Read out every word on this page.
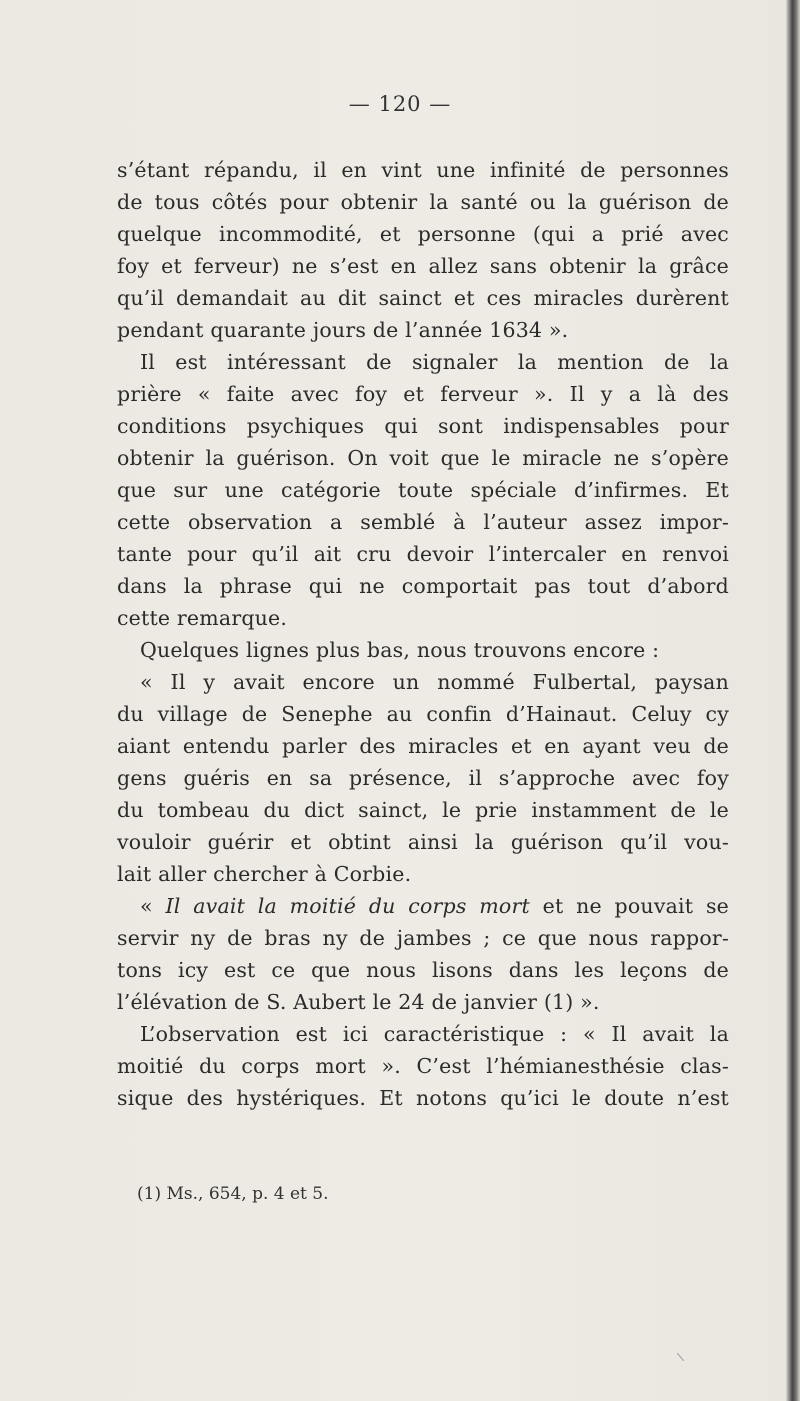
— 120 —
s’étant répandu, il en vint une infinité de personnes
de tous côtés pour obtenir la santé ou la guérison de
quelque incommodité, et personne (qui a prié avec
foy et ferveur) ne s’est en allez sans obtenir la grâce
qu’il demandait au dit sainct et ces miracles durèrent
pendant quarante jours de l’année 1634 ».
Il est intéressant de signaler la mention de la
prière « faite avec foy et ferveur ». Il y a là des
conditions psychiques qui sont indispensables pour
obtenir la guérison. On voit que le miracle ne s’opère
que sur une catégorie toute spéciale d’infirmes. Et
cette observation a semblé à l’auteur assez impor-
tante pour qu’il ait cru devoir l’intercaler en renvoi
dans la phrase qui ne comportait pas tout d’abord
cette remarque.
Quelques lignes plus bas, nous trouvons encore :
« Il y avait encore un nommé Fulbertal, paysan
du village de Senephe au confin d’Hainaut. Celuy cy
aiant entendu parler des miracles et en ayant veu de
gens guéris en sa présence, il s’approche avec foy
du tombeau du dict sainct, le prie instamment de le
vouloir guérir et obtint ainsi la guérison qu’il vou-
lait aller chercher à Corbie.
« Il avait la moitié du corps mort et ne pouvait se
servir ny de bras ny de jambes ; ce que nous rappor-
tons icy est ce que nous lisons dans les leçons de
l’élévation de S. Aubert le 24 de janvier (1) ».
L’observation est ici caractéristique : « Il avait la
moitié du corps mort ». C’est l’hémianesthésie clas-
sique des hystériques. Et notons qu’ici le doute n’est
(1) Ms., 654, p. 4 et 5.
